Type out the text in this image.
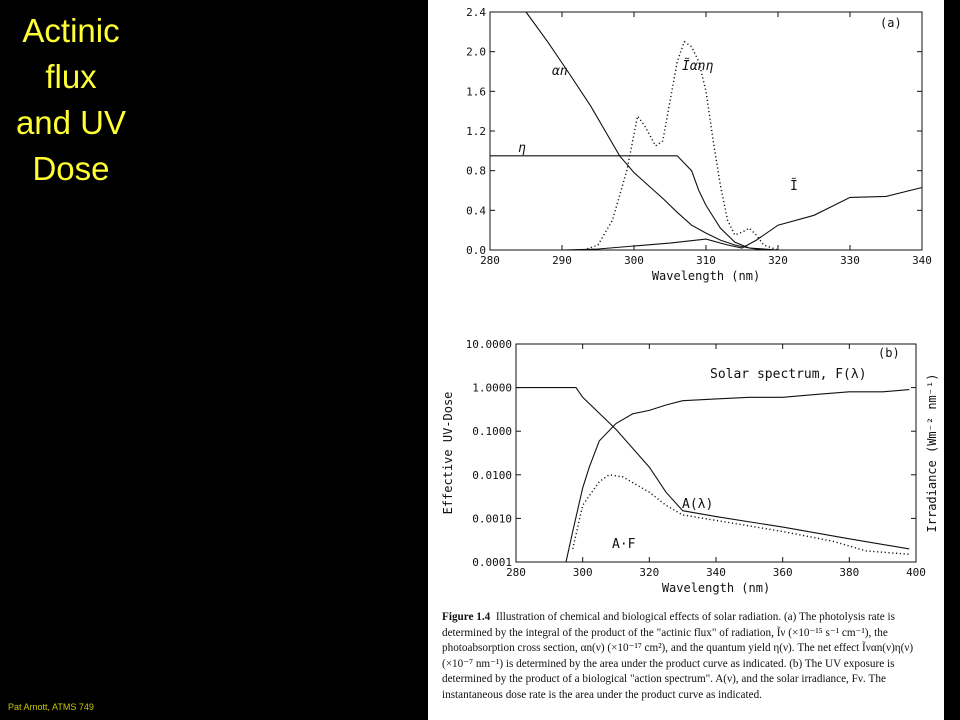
Actinic
flux
and UV
Dose
Pat Arnott, ATMS 749
280	290	300	310	320	330	340
0.0
0.4
0.8
1.2
1.6
2.0
2.4
Wavelength (nm)
(a)
αn	Ĩαnη
η
Ĩ
280	300	320	340	360	380	400
10.0000
1.0000
0.1000
0.0100
0.0010
0.0001
Wavelength (nm)
(b)
Solar spectrum, F(λ)
A(λ)
A·F
Effective UV-Dose	Irradiance (Wm⁻² nm⁻¹)
Figure 1.4 Illustration of chemical and biological effects of solar radiation. (a) The photolysis rate is determined by the integral of the product of the "actinic flux" of radiation, Ĩν (×10⁻¹⁵ s⁻¹ cm⁻¹), the photoabsorption cross section, αn(ν) (×10⁻¹⁷ cm²), and the quantum yield η(ν). The net effect Ĩναn(ν)η(ν) (×10⁻⁷ nm⁻¹) is determined by the area under the product curve as indicated. (b) The UV exposure is determined by the product of a biological "action spectrum". A(ν), and the solar irradiance, Fν. The instantaneous dose rate is the area under the product curve as indicated.
